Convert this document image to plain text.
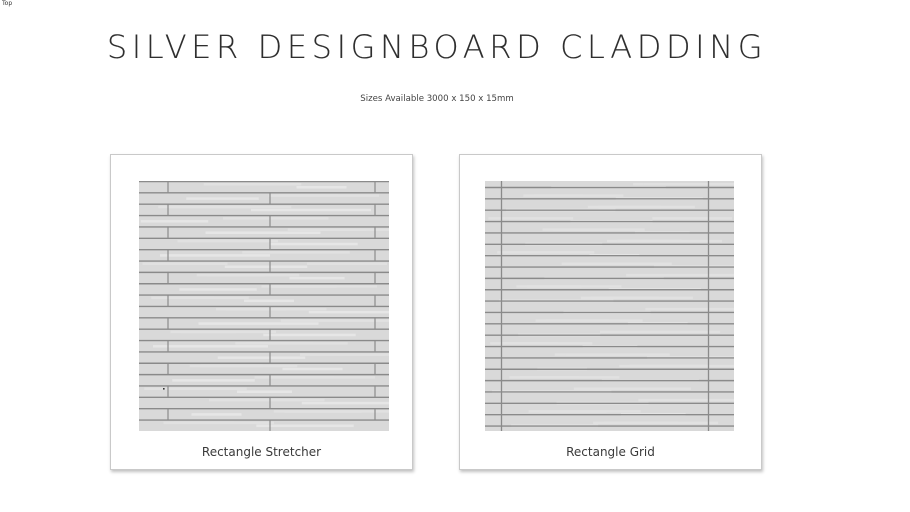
Top
SILVER DESIGNBOARD CLADDING
Sizes Available 3000 x 150 x 15mm
Rectangle Stretcher	Rectangle Grid
